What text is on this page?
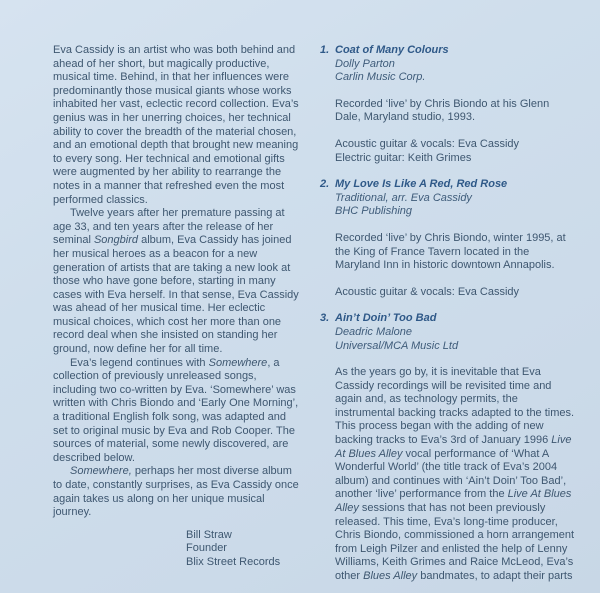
Eva Cassidy is an artist who was both behind and ahead of her short, but magically productive, musical time. Behind, in that her influences were predominantly those musical giants whose works inhabited her vast, eclectic record collection. Eva’s genius was in her unerring choices, her technical ability to cover the breadth of the material chosen, and an emotional depth that brought new meaning to every song. Her technical and emotional gifts were augmented by her ability to rearrange the notes in a manner that refreshed even the most performed classics.

Twelve years after her premature passing at age 33, and ten years after the release of her seminal Songbird album, Eva Cassidy has joined her musical heroes as a beacon for a new generation of artists that are taking a new look at those who have gone before, starting in many cases with Eva herself. In that sense, Eva Cassidy was ahead of her musical time. Her eclectic musical choices, which cost her more than one record deal when she insisted on standing her ground, now define her for all time.

Eva’s legend continues with Somewhere, a collection of previously unreleased songs, including two co-written by Eva. ‘Somewhere’ was written with Chris Biondo and ‘Early One Morning’, a traditional English folk song, was adapted and set to original music by Eva and Rob Cooper. The sources of material, some newly discovered, are described below.

Somewhere, perhaps her most diverse album to date, constantly surprises, as Eva Cassidy once again takes us along on her unique musical journey.

Bill Straw
Founder
Blix Street Records
1. Coat of Many Colours
Dolly Parton
Carlin Music Corp.

Recorded ‘live’ by Chris Biondo at his Glenn Dale, Maryland studio, 1993.

Acoustic guitar & vocals: Eva Cassidy
Electric guitar: Keith Grimes
2. My Love Is Like A Red, Red Rose
Traditional, arr. Eva Cassidy
BHC Publishing

Recorded ‘live’ by Chris Biondo, winter 1995, at the King of France Tavern located in the Maryland Inn in historic downtown Annapolis.

Acoustic guitar & vocals: Eva Cassidy
3. Ain’t Doin’ Too Bad
Deadric Malone
Universal/MCA Music Ltd

As the years go by, it is inevitable that Eva Cassidy recordings will be revisited time and again and, as technology permits, the instrumental backing tracks adapted to the times. This process began with the adding of new backing tracks to Eva’s 3rd of January 1996 Live At Blues Alley vocal performance of ‘What A Wonderful World’ (the title track of Eva’s 2004 album) and continues with ‘Ain’t Doin’ Too Bad’, another ‘live’ performance from the Live At Blues Alley sessions that has not been previously released. This time, Eva’s long-time producer, Chris Biondo, commissioned a horn arrangement from Leigh Pilzer and enlisted the help of Lenny Williams, Keith Grimes and Raice McLeod, Eva’s other Blues Alley bandmates, to adapt their parts
